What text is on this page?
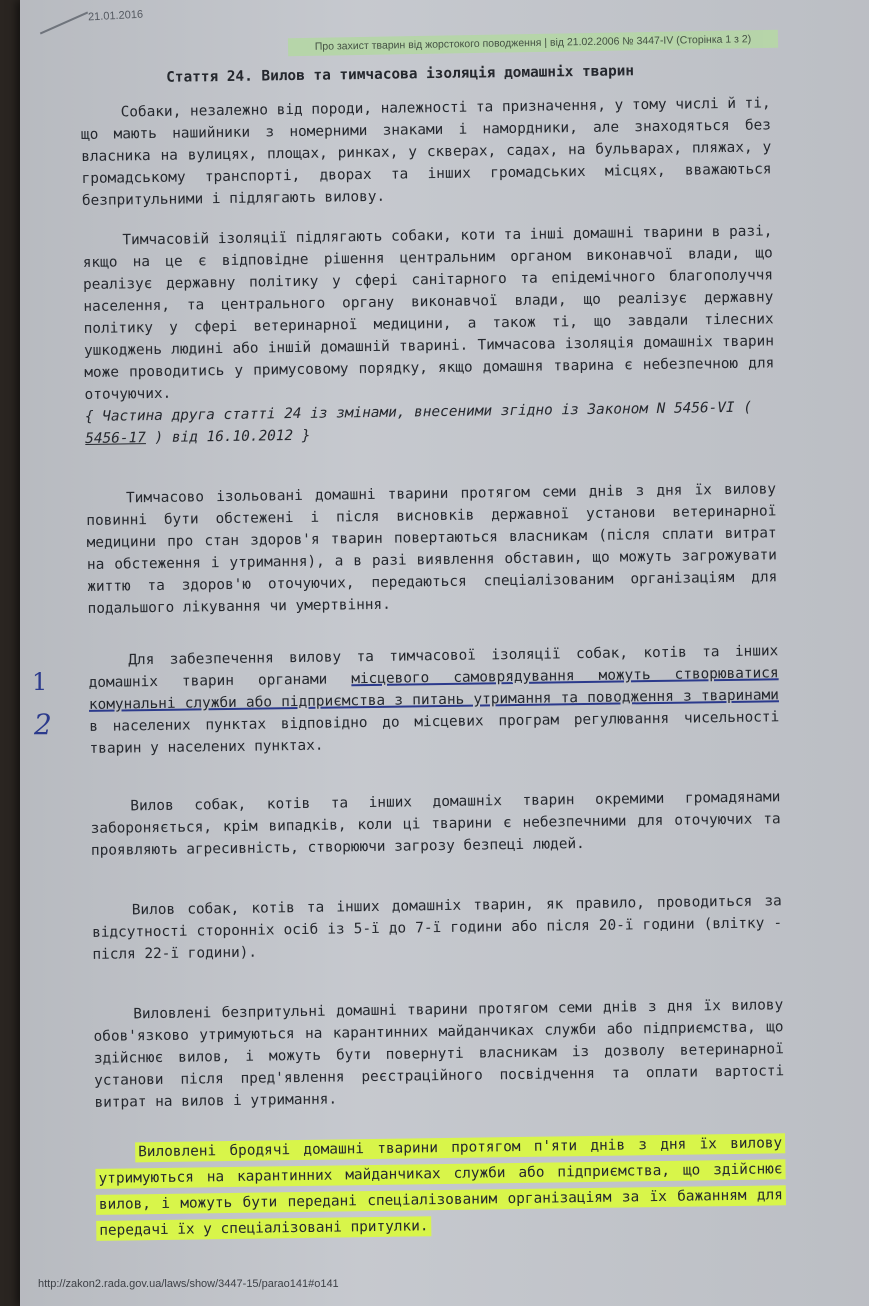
21.01.2016
Про захист тварин від жорстокого поводження | від 21.02.2006 № 3447-IV (Сторінка 1 з 2)
Стаття 24. Вилов та тимчасова ізоляція домашніх тварин

Собаки, незалежно від породи, належності та призначення, у тому числі й ті, що мають нашийники з номерними знаками і намордники, але знаходяться без власника на вулицях, площах, ринках, у скверах, садах, на бульварах, пляжах, у громадському транспорті, дворах та інших громадських місцях, вважаються безпритульними і підлягають вилову.

Тимчасовій ізоляції підлягають собаки, коти та інші домашні тварини в разі, якщо на це є відповідне рішення центральним органом виконавчої влади, що реалізує державну політику у сфері санітарного та епідемічного благополуччя населення, та центрального органу виконавчої влади, що реалізує державну політику у сфері ветеринарної медицини, а також ті, що завдали тілесних ушкоджень людині або іншій домашній тварині. Тимчасова ізоляція домашніх тварин може проводитись у примусовому порядку, якщо домашня тварина є небезпечною для оточуючих.

{ Частина друга статті 24 із змінами, внесеними згідно із Законом N 5456-VI ( 5456-17 ) від 16.10.2012 }

Тимчасово ізольовані домашні тварини протягом семи днів з дня їх вилову повинні бути обстежені і після висновків державної установи ветеринарної медицини про стан здоров'я тварин повертаються власникам (після сплати витрат на обстеження і утримання), а в разі виявлення обставин, що можуть загрожувати життю та здоров'ю оточуючих, передаються спеціалізованим організаціям для подальшого лікування чи умертвіння.

Для забезпечення вилову та тимчасової ізоляції собак, котів та інших домашніх тварин органами місцевого самоврядування можуть створюватися комунальні служби або підприємства з питань утримання та поводження з тваринами в населених пунктах відповідно до місцевих програм регулювання чисельності тварин у населених пунктах.

Вилов собак, котів та інших домашніх тварин окремими громадянами забороняється, крім випадків, коли ці тварини є небезпечними для оточуючих та проявляють агресивність, створюючи загрозу безпеці людей.

Вилов собак, котів та інших домашніх тварин, як правило, проводиться за відсутності сторонніх осіб із 5-ї до 7-ї години або після 20-ї години (влітку - після 22-ї години).

Виловлені безпритульні домашні тварини протягом семи днів з дня їх вилову обов'язково утримуються на карантинних майданчиках служби або підприємства, що здійснює вилов, і можуть бути повернуті власникам із дозволу ветеринарної установи після пред'явлення реєстраційного посвідчення та оплати вартості витрат на вилов і утримання.

Виловлені бродячі домашні тварини протягом п'яти днів з дня їх вилову утримуються на карантинних майданчиках служби або підприємства, що здійснює вилов, і можуть бути передані спеціалізованим організаціям за їх бажанням для передачі їх у спеціалізовані притулки.

1
2
http://zakon2.rada.gov.ua/laws/show/3447-15/parao141#o141
